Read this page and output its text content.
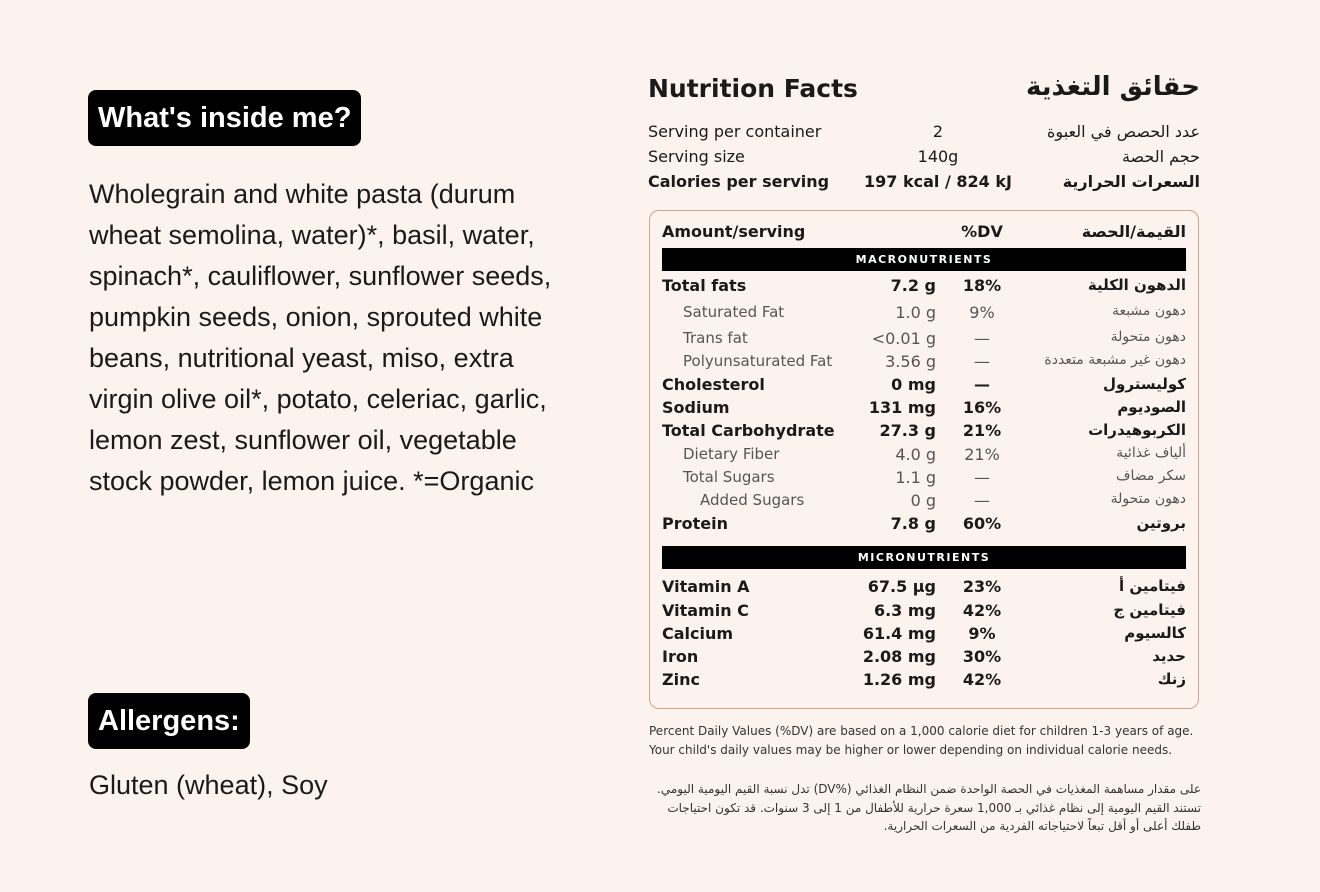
What's inside me?

Wholegrain and white pasta (durum wheat semolina, water)*, basil, water, spinach*, cauliflower, sunflower seeds, pumpkin seeds, onion, sprouted white beans, nutritional yeast, miso, extra virgin olive oil*, potato, celeriac, garlic, lemon zest, sunflower oil, vegetable stock powder, lemon juice. *=Organic

Allergens:
Gluten (wheat), Soy
Nutrition Facts	حقائق التغذية
Serving per container	2	عدد الحصص في العبوة
Serving size	140g	حجم الحصة
Calories per serving	197 kcal / 824 kJ	السعرات الحرارية
Amount/serving	%DV	القيمة/الحصة
MACRONUTRIENTS
Total fats	7.2 g	18%	الدهون الكلية
Saturated Fat	1.0 g	9%	دهون مشبعة
Trans fat	<0.01 g	—	دهون متحولة
Polyunsaturated Fat	3.56 g	—	دهون غير مشبعة متعددة
Cholesterol	0 mg	—	كوليسترول
Sodium	131 mg	16%	الصوديوم
Total Carbohydrate	27.3 g	21%	الكربوهيدرات
Dietary Fiber	4.0 g	21%	ألياف غذائية
Total Sugars	1.1 g	—	سكر مضاف
Added Sugars	0 g	—	دهون متحولة
Protein	7.8 g	60%	بروتين
MICRONUTRIENTS
Vitamin A	67.5 μg	23%	فيتامين أ
Vitamin C	6.3 mg	42%	فيتامين ج
Calcium	61.4 mg	9%	كالسيوم
Iron	2.08 mg	30%	حديد
Zinc	1.26 mg	42%	زنك

Percent Daily Values (%DV) are based on a 1,000 calorie diet for children 1-3 years of age. Your child's daily values may be higher or lower depending on individual calorie needs.

على مقدار مساهمة المغذيات في الحصة الواحدة ضمن النظام الغذائي (%DV) تدل نسبة القيم اليومية اليومي. تستند القيم اليومية إلى نظام غذائي بـ 1,000 سعرة حرارية للأطفال من 1 إلى 3 سنوات. قد تكون احتياجات طفلك أعلى أو أقل تبعاً لاحتياجاته الفردية من السعرات الحرارية.
